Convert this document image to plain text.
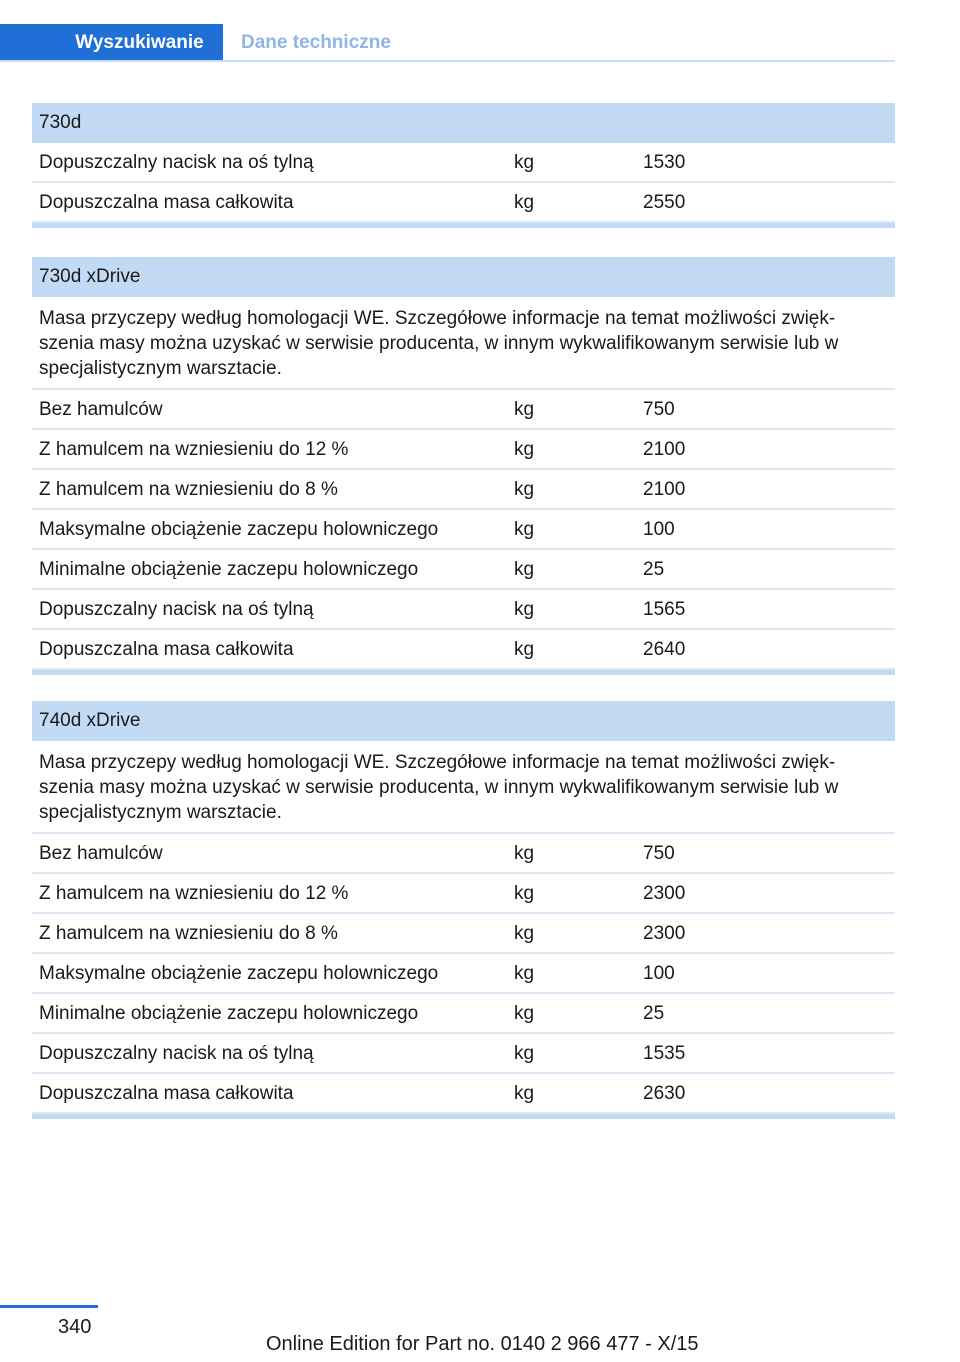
Wyszukiwanie	Dane techniczne
730d
Dopuszczalny nacisk na oś tylną	kg	1530
Dopuszczalna masa całkowita	kg	2550
730d xDrive
Masa przyczepy według homologacji WE. Szczegółowe informacje na temat możliwości zwięk-szenia masy można uzyskać w serwisie producenta, w innym wykwalifikowanym serwisie lub w specjalistycznym warsztacie.
Bez hamulców	kg	750
Z hamulcem na wzniesieniu do 12 %	kg	2100
Z hamulcem na wzniesieniu do 8 %	kg	2100
Maksymalne obciążenie zaczepu holowniczego	kg	100
Minimalne obciążenie zaczepu holowniczego	kg	25
Dopuszczalny nacisk na oś tylną	kg	1565
Dopuszczalna masa całkowita	kg	2640
740d xDrive
Masa przyczepy według homologacji WE. Szczegółowe informacje na temat możliwości zwięk-szenia masy można uzyskać w serwisie producenta, w innym wykwalifikowanym serwisie lub w specjalistycznym warsztacie.
Bez hamulców	kg	750
Z hamulcem na wzniesieniu do 12 %	kg	2300
Z hamulcem na wzniesieniu do 8 %	kg	2300
Maksymalne obciążenie zaczepu holowniczego	kg	100
Minimalne obciążenie zaczepu holowniczego	kg	25
Dopuszczalny nacisk na oś tylną	kg	1535
Dopuszczalna masa całkowita	kg	2630
340
Online Edition for Part no. 0140 2 966 477 - X/15
